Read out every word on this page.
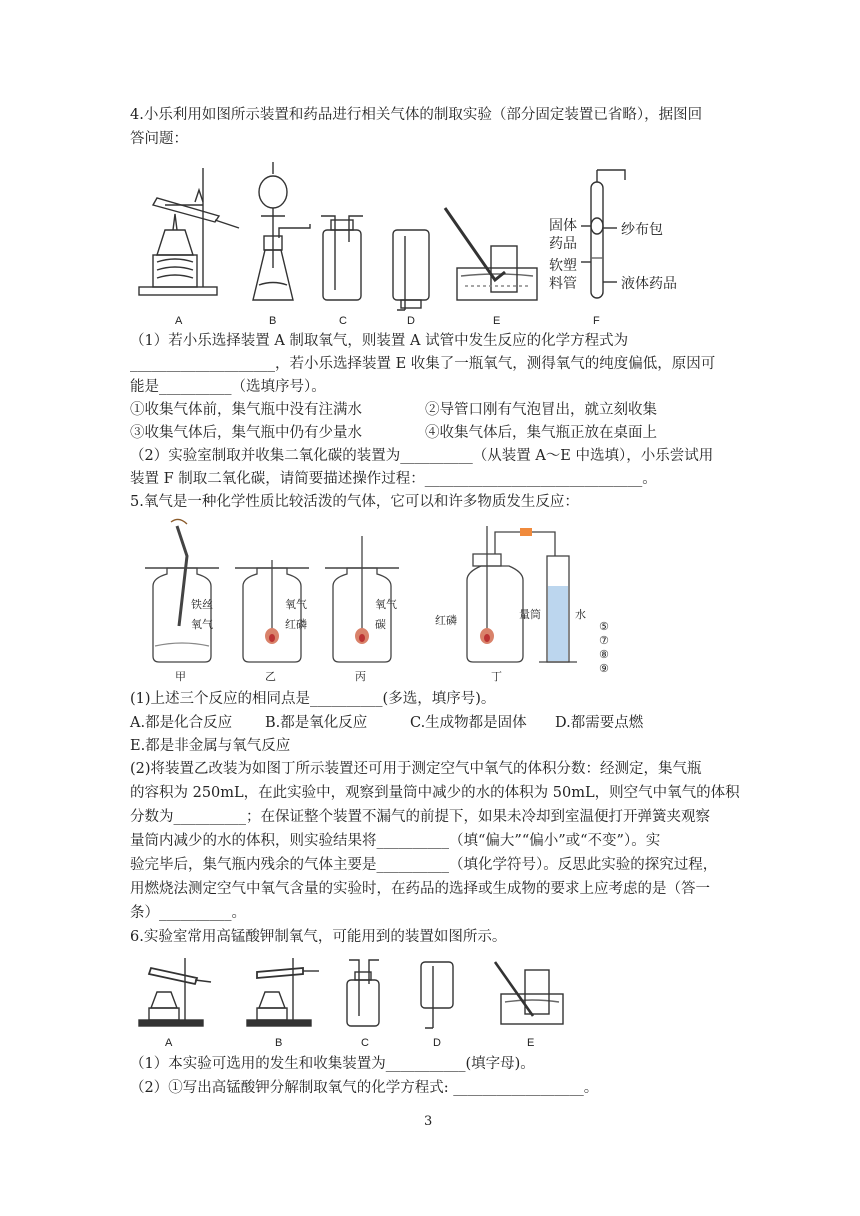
4.小乐利用如图所示装置和药品进行相关气体的制取实验（部分固定装置已省略），据图回
答问题：
A	B	C	D	E	F
固体
药品
软塑
料管
纱布包
液体药品
（1）若小乐选择装置 A 制取氧气，则装置 A 试管中发生反应的化学方程式为
____________________，若小乐选择装置 E 收集了一瓶氧气，测得氧气的纯度偏低，原因可
能是__________（选填序号）。
①收集气体前，集气瓶中没有注满水	②导管口刚有气泡冒出，就立刻收集
③收集气体后，集气瓶中仍有少量水	④收集气体后，集气瓶正放在桌面上
（2）实验室制取并收集二氧化碳的装置为__________（从装置 A～E 中选填），小乐尝试用
装置 F 制取二氧化碳，请简要描述操作过程：______________________________。
5.氧气是一种化学性质比较活泼的气体，它可以和许多物质发生反应：
铁丝
氧气
氧气
红磷
氧气
碳	红磷	量筒	水
⑤
⑦
⑧
⑨
甲	乙	丙	丁
(1)上述三个反应的相同点是__________(多选，填序号)。
A.都是化合反应 B.都是氧化反应	C.生成物都是固体 D.都需要点燃
E.都是非金属与氧气反应
(2)将装置乙改装为如图丁所示装置还可用于测定空气中氧气的体积分数：经测定，集气瓶
的容积为 250mL，在此实验中，观察到量筒中减少的水的体积为 50mL，则空气中氧气的体积
分数为__________；在保证整个装置不漏气的前提下，如果未冷却到室温便打开弹簧夹观察
量筒内减少的水的体积，则实验结果将__________（填“偏大”“偏小”或“不变”）。实
验完毕后，集气瓶内残余的气体主要是__________（填化学符号）。反思此实验的探究过程，
用燃烧法测定空气中氧气含量的实验时，在药品的选择或生成物的要求上应考虑的是（答一
条）__________。
6.实验室常用高锰酸钾制氧气，可能用到的装置如图所示。
A	B	C	D	E
（1）本实验可选用的发生和收集装置为___________(填字母)。
（2）①写出高锰酸钾分解制取氧气的化学方程式: __________________。
3
